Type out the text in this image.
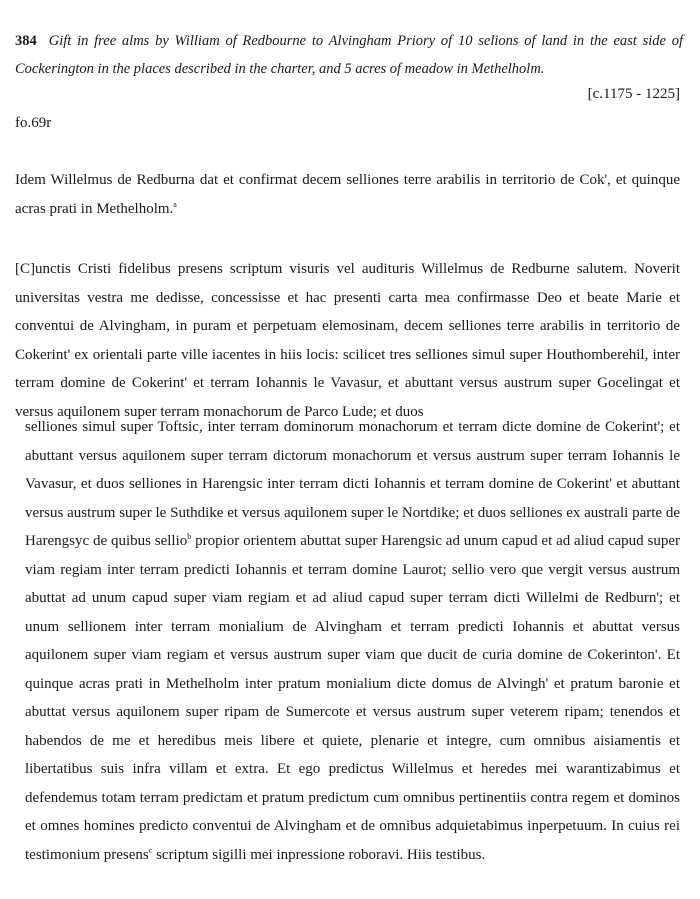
384 Gift in free alms by William of Redbourne to Alvingham Priory of 10 selions of land in the east side of Cockerington in the places described in the charter, and 5 acres of meadow in Methelholm.
[c.1175 - 1225]
fo.69r
Idem Willelmus de Redburna dat et confirmat decem selliones terre arabilis in territorio de Cok', et quinque acras prati in Methelholm.$^a$
[C]unctis Cristi fidelibus presens scriptum visuris vel audituris Willelmus de Redburne salutem. Noverit universitas vestra me dedisse, concessisse et hac presenti carta mea confirmasse Deo et beate Marie et conventui de Alvingham, in puram et perpetuam elemosinam, decem selliones terre arabilis in territorio de Cokerint' ex orientali parte ville iacentes in hiis locis: scilicet tres selliones simul super Houthomberehil, inter terram domine de Cokerint' et terram Iohannis le Vavasur, et abuttant versus austrum super Gocelingat et versus aquilonem super terram monachorum de Parco Lude; et duos
selliones simul super Toftsic, inter terram dominorum monachorum et terram dicte domine de Cokerint'; et abuttant versus aquilonem super terram dictorum monachorum et versus austrum super terram Iohannis le Vavasur, et duos selliones in Harengsic inter terram dicti Iohannis et terram domine de Cokerint' et abuttant versus austrum super le Suthdike et versus aquilonem super le Nortdike; et duos selliones ex australi parte de Harengsyc de quibus sellio$^b$ propior orientem abuttat super Harengsic ad unum capud et ad aliud capud super viam regiam inter terram predicti Iohannis et terram domine Laurot; sellio vero que vergit versus austrum abuttat ad unum capud super viam regiam et ad aliud capud super terram dicti Willelmi de Redburn'; et unum sellionem inter terram monialium de Alvingham et terram predicti Iohannis et abuttat versus aquilonem super viam regiam et versus austrum super viam que ducit de curia domine de Cokerinton'. Et quinque acras prati in Methelholm inter pratum monialium dicte domus de Alvingh' et pratum baronie et abuttat versus aquilonem super ripam de Sumercote et versus austrum super veterem ripam; tenendos et habendos de me et heredibus meis libere et quiete, plenarie et integre, cum omnibus aisiamentis et libertatibus suis infra villam et extra. Et ego predictus Willelmus et heredes mei warantizabimus et defendemus totam terram predictam et pratum predictum cum omnibus pertinentiis contra regem et dominos et omnes homines predicto conventui de Alvingham et de omnibus adquietabimus inperpetuum. In cuius rei testimonium presens$^c$ scriptum sigilli mei inpressione roboravi. Hiis testibus.
